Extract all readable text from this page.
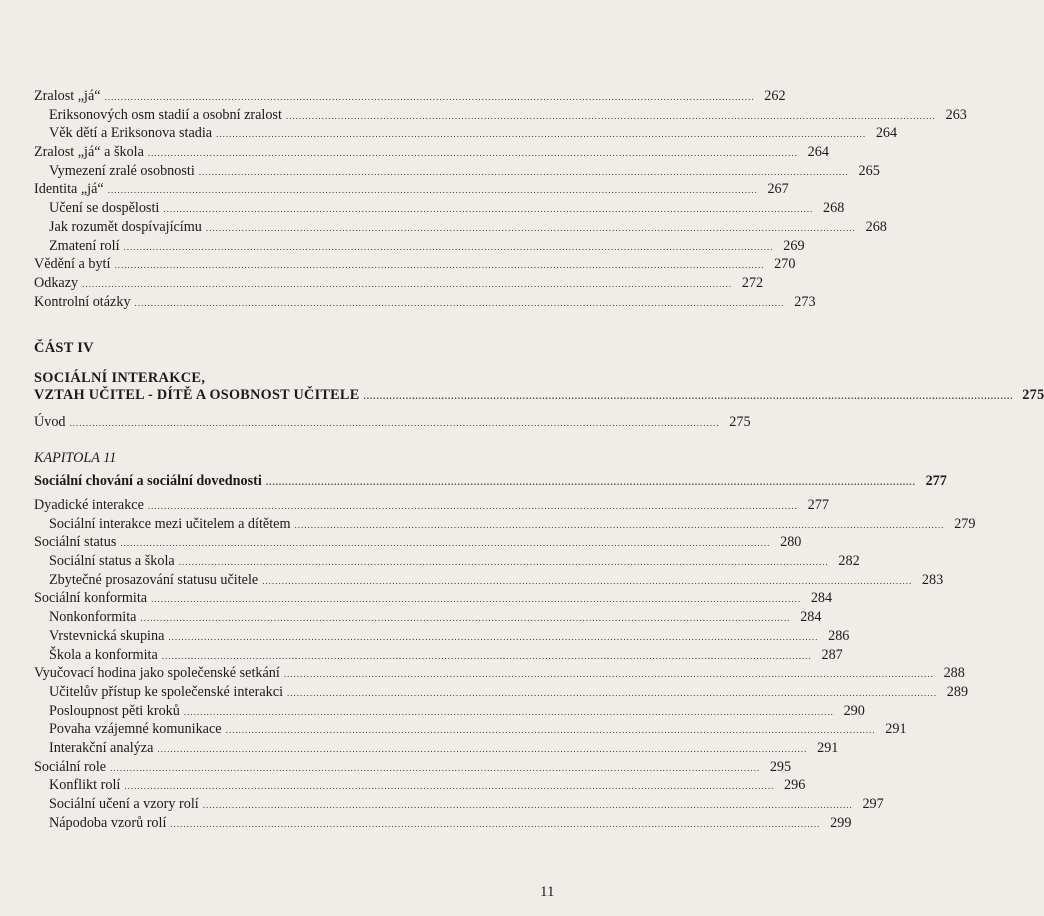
Zralost „já“ ........................................................................................................................................................................................................ 262
Eriksonových osm stadií a osobní zralost ........................................................................................................................................................................................................ 263
Věk dětí a Eriksonova stadia ........................................................................................................................................................................................................ 264
Zralost „já“ a škola ........................................................................................................................................................................................................ 264
Vymezení zralé osobnosti ........................................................................................................................................................................................................ 265
Identita „já“ ........................................................................................................................................................................................................ 267
Učení se dospělosti ........................................................................................................................................................................................................ 268
Jak rozumět dospívajícímu ........................................................................................................................................................................................................ 268
Zmatení rolí ........................................................................................................................................................................................................ 269
Vědění a bytí ........................................................................................................................................................................................................ 270
Odkazy ........................................................................................................................................................................................................ 272
Kontrolní otázky ........................................................................................................................................................................................................ 273
ČÁST IV
SOCIÁLNÍ INTERAKCE,
VZTAH UČITEL - DÍTĚ A OSOBNOST UČITELE ........................................................................................................................................................................................................ 275
Úvod ........................................................................................................................................................................................................ 275
KAPITOLA 11
Sociální chování a sociální dovednosti ........................................................................................................................................................................................................ 277
Dyadické interakce ........................................................................................................................................................................................................ 277
Sociální interakce mezi učitelem a dítětem ........................................................................................................................................................................................................ 279
Sociální status ........................................................................................................................................................................................................ 280
Sociální status a škola ........................................................................................................................................................................................................ 282
Zbytečné prosazování statusu učitele ........................................................................................................................................................................................................ 283
Sociální konformita ........................................................................................................................................................................................................ 284
Nonkonformita ........................................................................................................................................................................................................ 284
Vrstevnická skupina ........................................................................................................................................................................................................ 286
Škola a konformita ........................................................................................................................................................................................................ 287
Vyučovací hodina jako společenské setkání ........................................................................................................................................................................................................ 288
Učitelův přístup ke společenské interakci ........................................................................................................................................................................................................ 289
Posloupnost pěti kroků ........................................................................................................................................................................................................ 290
Povaha vzájemné komunikace ........................................................................................................................................................................................................ 291
Interakční analýza ........................................................................................................................................................................................................ 291
Sociální role ........................................................................................................................................................................................................ 295
Konflikt rolí ........................................................................................................................................................................................................ 296
Sociální učení a vzory rolí ........................................................................................................................................................................................................ 297
Nápodoba vzorů rolí ........................................................................................................................................................................................................ 299
11
